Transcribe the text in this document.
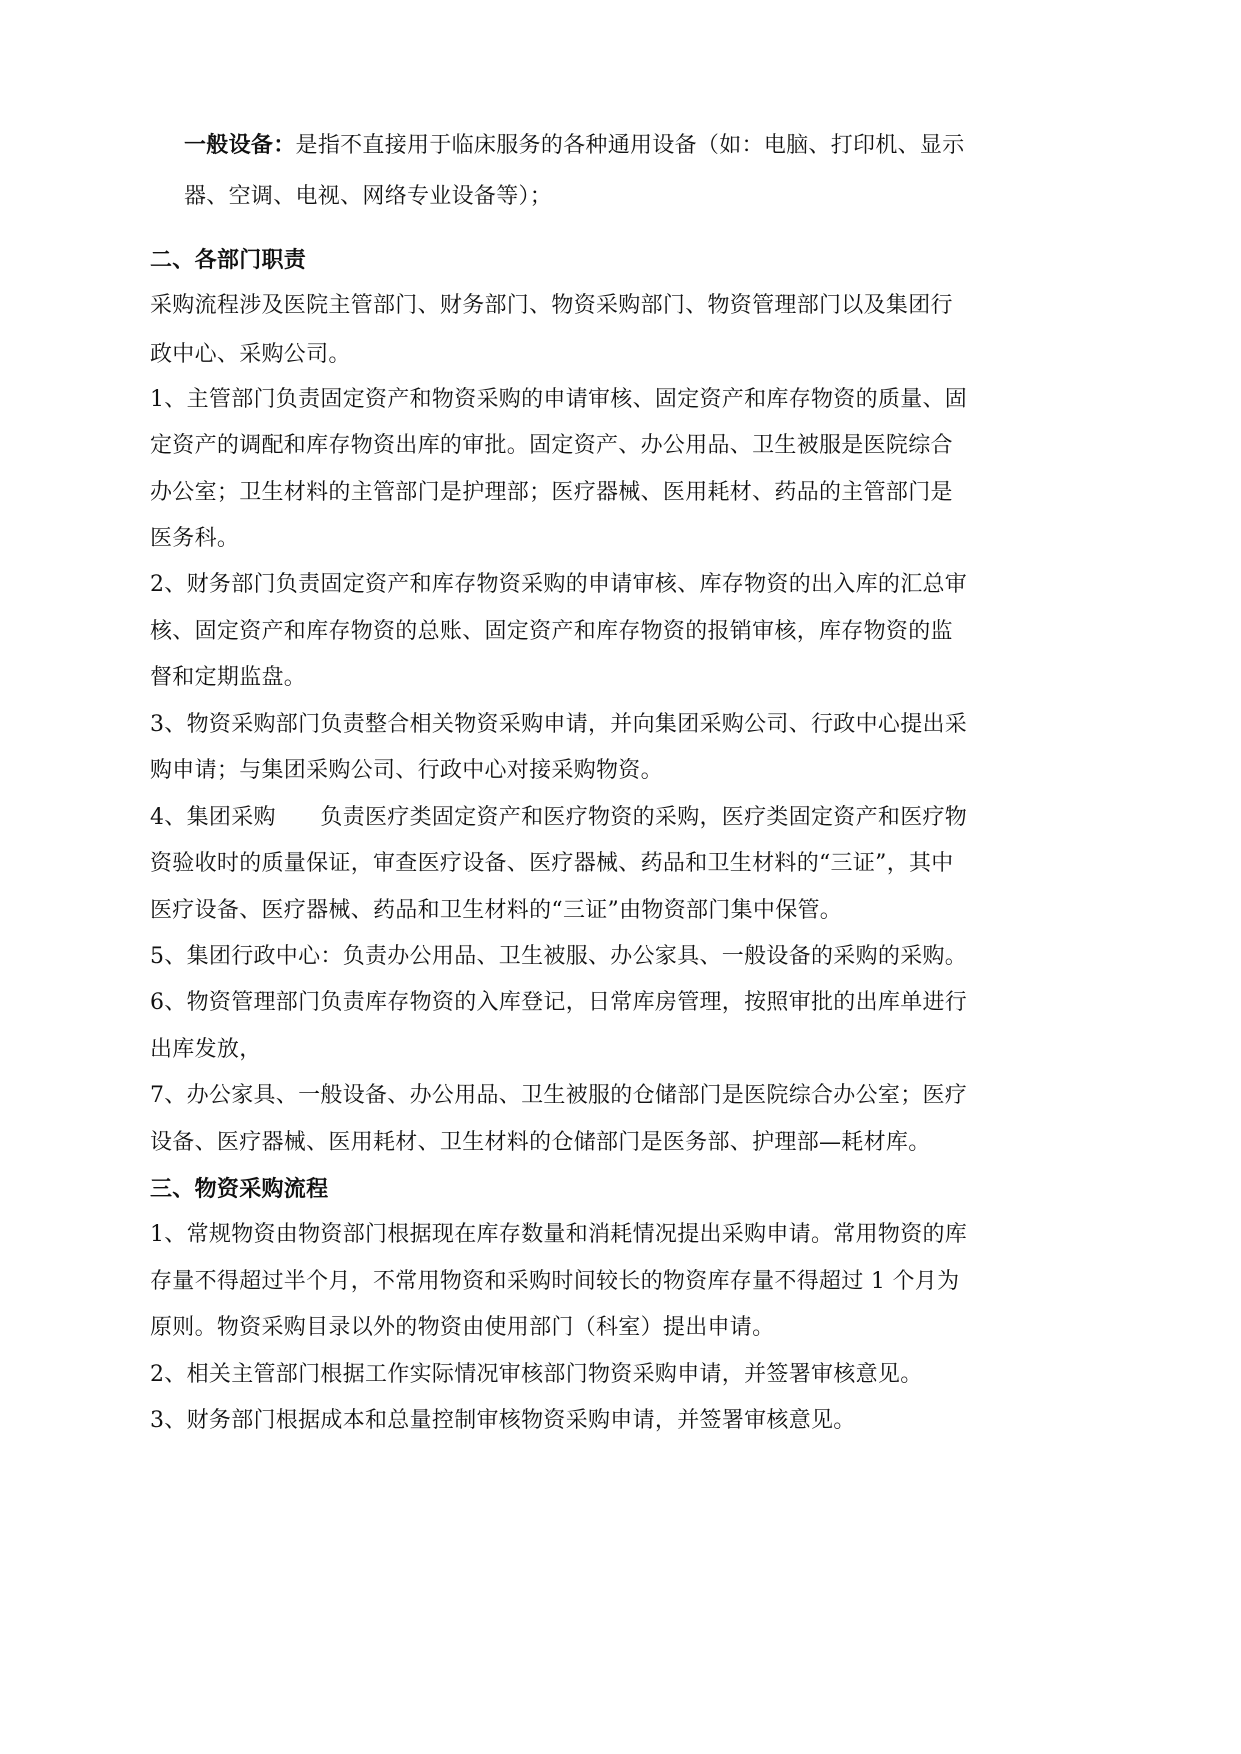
一般设备：是指不直接用于临床服务的各种通用设备（如：电脑、打印机、显示
器、空调、电视、网络专业设备等）；
二、各部门职责
采购流程涉及医院主管部门、财务部门、物资采购部门、物资管理部门以及集团行
政中心、采购公司。
1、主管部门负责固定资产和物资采购的申请审核、固定资产和库存物资的质量、固
定资产的调配和库存物资出库的审批。固定资产、办公用品、卫生被服是医院综合
办公室；卫生材料的主管部门是护理部；医疗器械、医用耗材、药品的主管部门是
医务科。
2、财务部门负责固定资产和库存物资采购的申请审核、库存物资的出入库的汇总审
核、固定资产和库存物资的总账、固定资产和库存物资的报销审核，库存物资的监
督和定期监盘。
3、物资采购部门负责整合相关物资采购申请，并向集团采购公司、行政中心提出采
购申请；与集团采购公司、行政中心对接采购物资。
4、集团采购　　负责医疗类固定资产和医疗物资的采购，医疗类固定资产和医疗物
资验收时的质量保证，审查医疗设备、医疗器械、药品和卫生材料的“三证”，其中
医疗设备、医疗器械、药品和卫生材料的“三证”由物资部门集中保管。
5、集团行政中心：负责办公用品、卫生被服、办公家具、一般设备的采购的采购。
6、物资管理部门负责库存物资的入库登记，日常库房管理，按照审批的出库单进行
出库发放，
7、办公家具、一般设备、办公用品、卫生被服的仓储部门是医院综合办公室；医疗
设备、医疗器械、医用耗材、卫生材料的仓储部门是医务部、护理部—耗材库。
三、物资采购流程
1、常规物资由物资部门根据现在库存数量和消耗情况提出采购申请。常用物资的库
存量不得超过半个月，不常用物资和采购时间较长的物资库存量不得超过 1 个月为
原则。物资采购目录以外的物资由使用部门（科室）提出申请。
2、相关主管部门根据工作实际情况审核部门物资采购申请，并签署审核意见。
3、财务部门根据成本和总量控制审核物资采购申请，并签署审核意见。
